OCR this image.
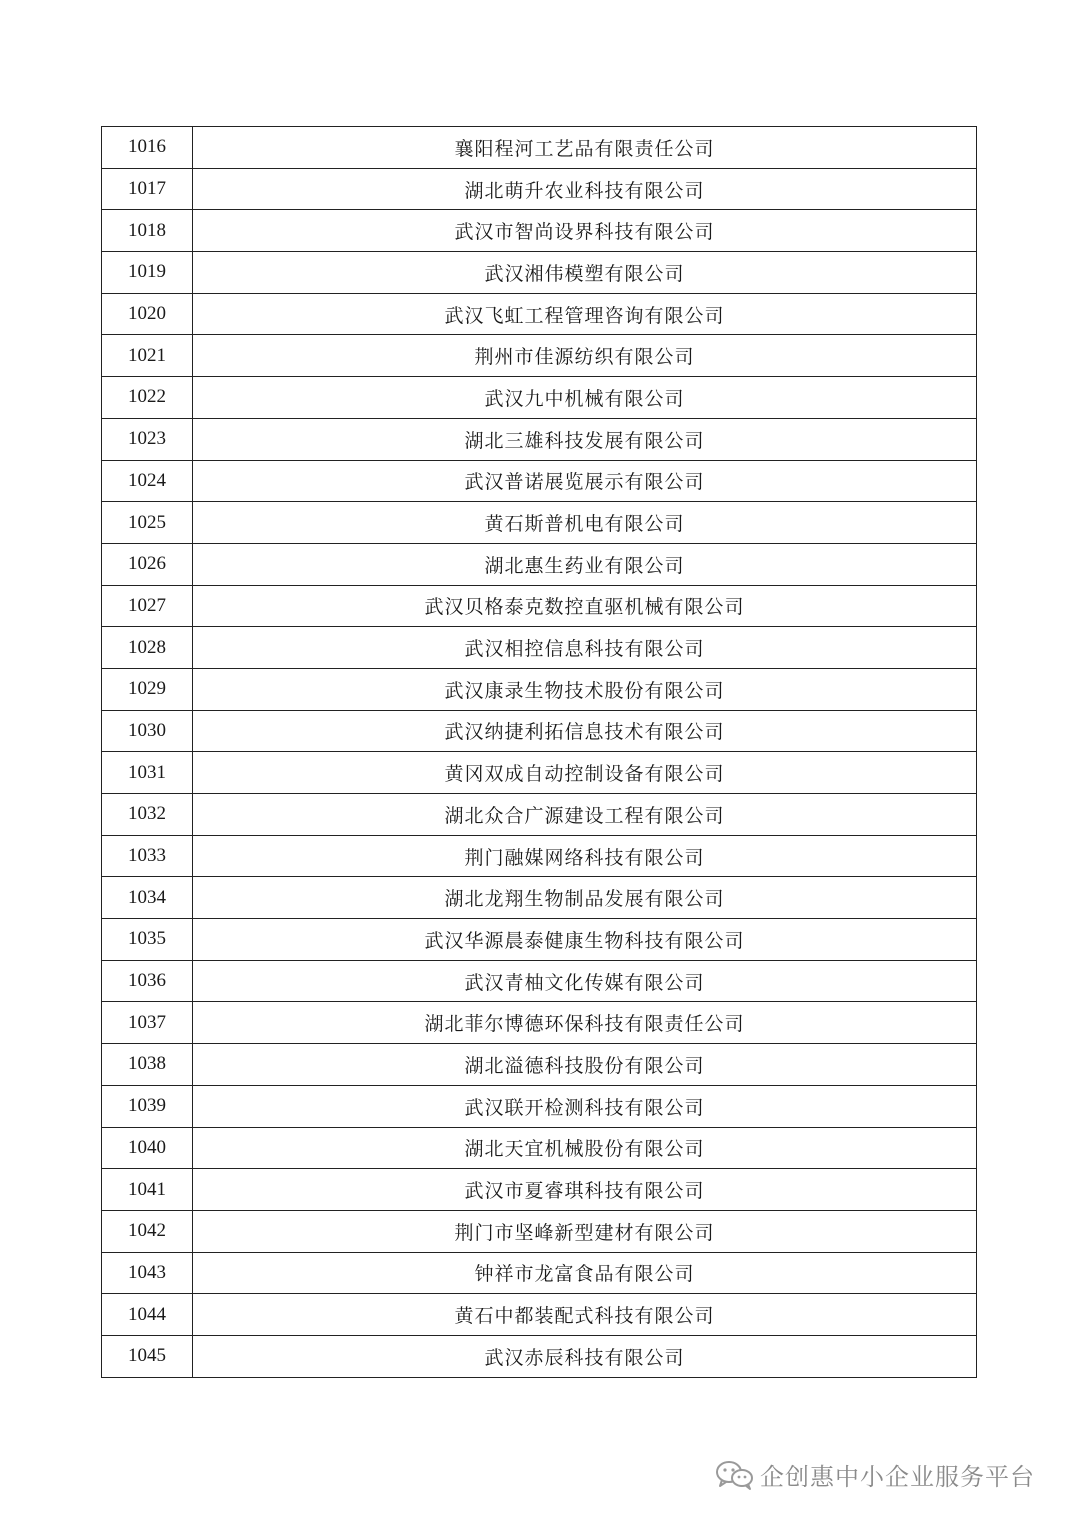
1016	襄阳程河工艺品有限责任公司
1017	湖北萌升农业科技有限公司
1018	武汉市智尚设界科技有限公司
1019	武汉湘伟模塑有限公司
1020	武汉飞虹工程管理咨询有限公司
1021	荆州市佳源纺织有限公司
1022	武汉九中机械有限公司
1023	湖北三雄科技发展有限公司
1024	武汉普诺展览展示有限公司
1025	黄石斯普机电有限公司
1026	湖北惠生药业有限公司
1027	武汉贝格泰克数控直驱机械有限公司
1028	武汉相控信息科技有限公司
1029	武汉康录生物技术股份有限公司
1030	武汉纳捷利拓信息技术有限公司
1031	黄冈双成自动控制设备有限公司
1032	湖北众合广源建设工程有限公司
1033	荆门融媒网络科技有限公司
1034	湖北龙翔生物制品发展有限公司
1035	武汉华源晨泰健康生物科技有限公司
1036	武汉青柚文化传媒有限公司
1037	湖北菲尔博德环保科技有限责任公司
1038	湖北溢德科技股份有限公司
1039	武汉联开检测科技有限公司
1040	湖北天宜机械股份有限公司
1041	武汉市夏睿琪科技有限公司
1042	荆门市坚峰新型建材有限公司
1043	钟祥市龙富食品有限公司
1044	黄石中都装配式科技有限公司
1045	武汉赤辰科技有限公司
企创惠中小企业服务平台
